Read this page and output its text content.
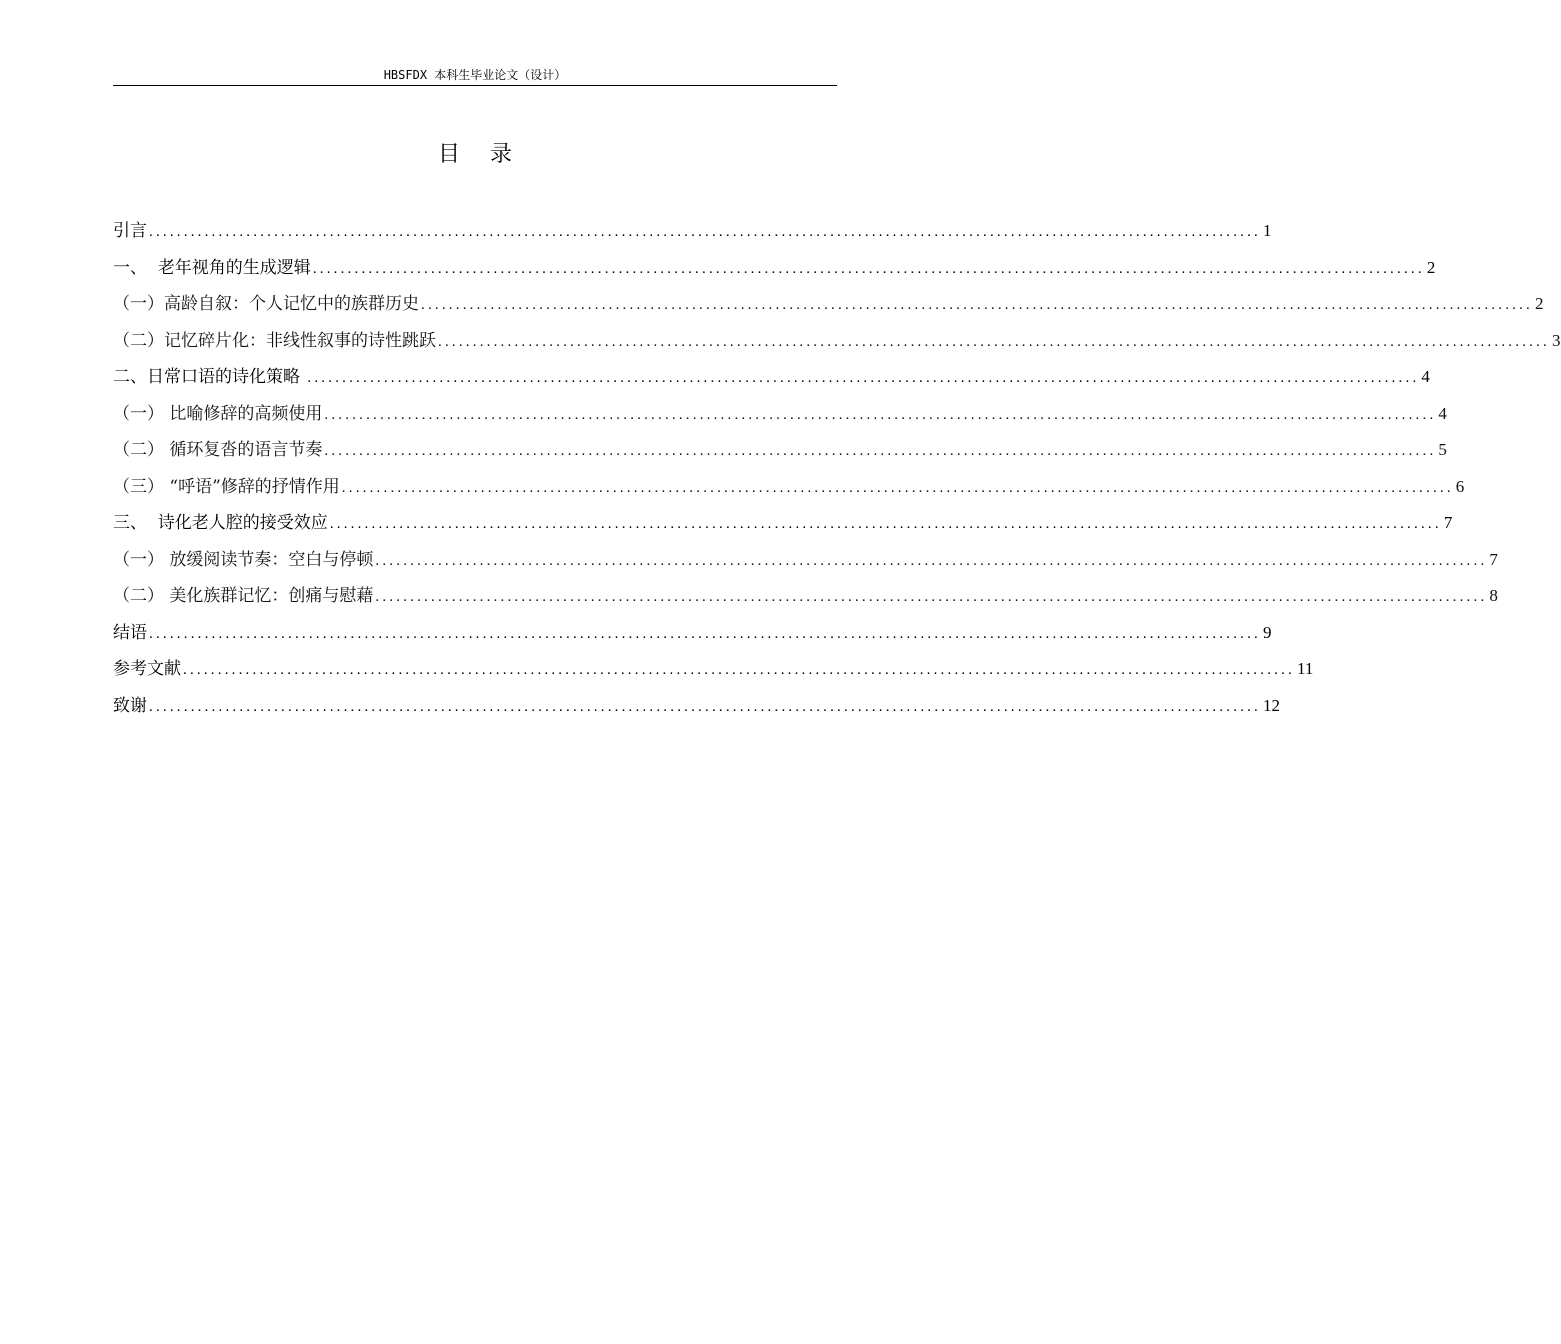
HBSFDX 本科生毕业论文（设计）
目 录
引言 ................................................................................................................................................................ 1
一、  老年视角的生成逻辑 ................................................................................................................................................................ 2
（一）高龄自叙：个人记忆中的族群历史 ................................................................................................................................................................ 2
（二）记忆碎片化：非线性叙事的诗性跳跃 ................................................................................................................................................................ 3
二、日常口语的诗化策略 ................................................................................................................................................................ 4
（一） 比喻修辞的高频使用 ................................................................................................................................................................ 4
（二） 循环复沓的语言节奏 ................................................................................................................................................................ 5
（三） “呼语”修辞的抒情作用 ................................................................................................................................................................ 6
三、  诗化老人腔的接受效应 ................................................................................................................................................................ 7
（一） 放缓阅读节奏：空白与停顿 ................................................................................................................................................................ 7
（二） 美化族群记忆：创痛与慰藉 ................................................................................................................................................................ 8
结语 ................................................................................................................................................................ 9
参考文献 ................................................................................................................................................................ 11
致谢 ................................................................................................................................................................ 12
